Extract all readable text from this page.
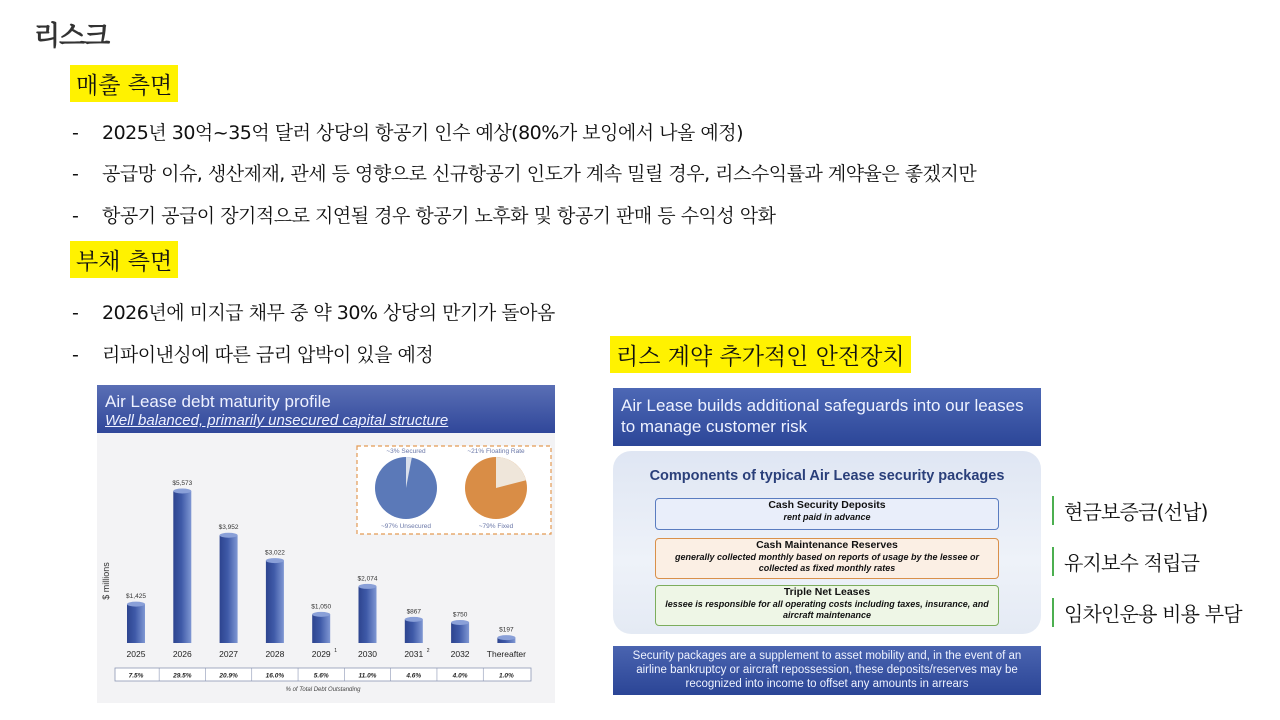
리스크
매출 측면
- 2025년 30억~35억 달러 상당의 항공기 인수 예상(80%가 보잉에서 나올 예정)
- 공급망 이슈, 생산제재, 관세 등 영향으로 신규항공기 인도가 계속 밀릴 경우, 리스수익률과 계약율은 좋겠지만
- 항공기 공급이 장기적으로 지연될 경우 항공기 노후화 및 항공기 판매 등 수익성 악화
부채 측면
- 2026년에 미지급 채무 중 약 30% 상당의 만기가 돌아옴
- 리파이낸싱에 따른 금리 압박이 있을 예정	리스 계약 추가적인 안전장치
Air Lease debt maturity profile
Well balanced, primarily unsecured capital structure
$ millions $1,425
2025
$5,573
2026
$3,952
2027
$3,022
2028
$1,050
2029 1
$2,074
2030
$867
2031 2
$750
2032
$197
Thereafter
7.5%	29.5%	20.9%	16.0%	5.6%	11.0%	4.6%	4.0%	1.0%
% of Total Debt Outstanding
~3% Secured
~97% Unsecured
~21% Floating Rate
~79% Fixed
Air Lease builds additional safeguards into our leases to manage customer risk
Components of typical Air Lease security packages
Cash Security Deposits
rent paid in advance
Cash Maintenance Reserves
generally collected monthly based on reports of usage by the lessee or collected as fixed monthly rates
Triple Net Leases
lessee is responsible for all operating costs including taxes, insurance, and aircraft maintenance
Security packages are a supplement to asset mobility and, in the event of an airline bankruptcy or aircraft repossession, these deposits/reserves may be recognized into income to offset any amounts in arrears
현금보증금(선납)
유지보수 적립금
임차인운용 비용 부담
